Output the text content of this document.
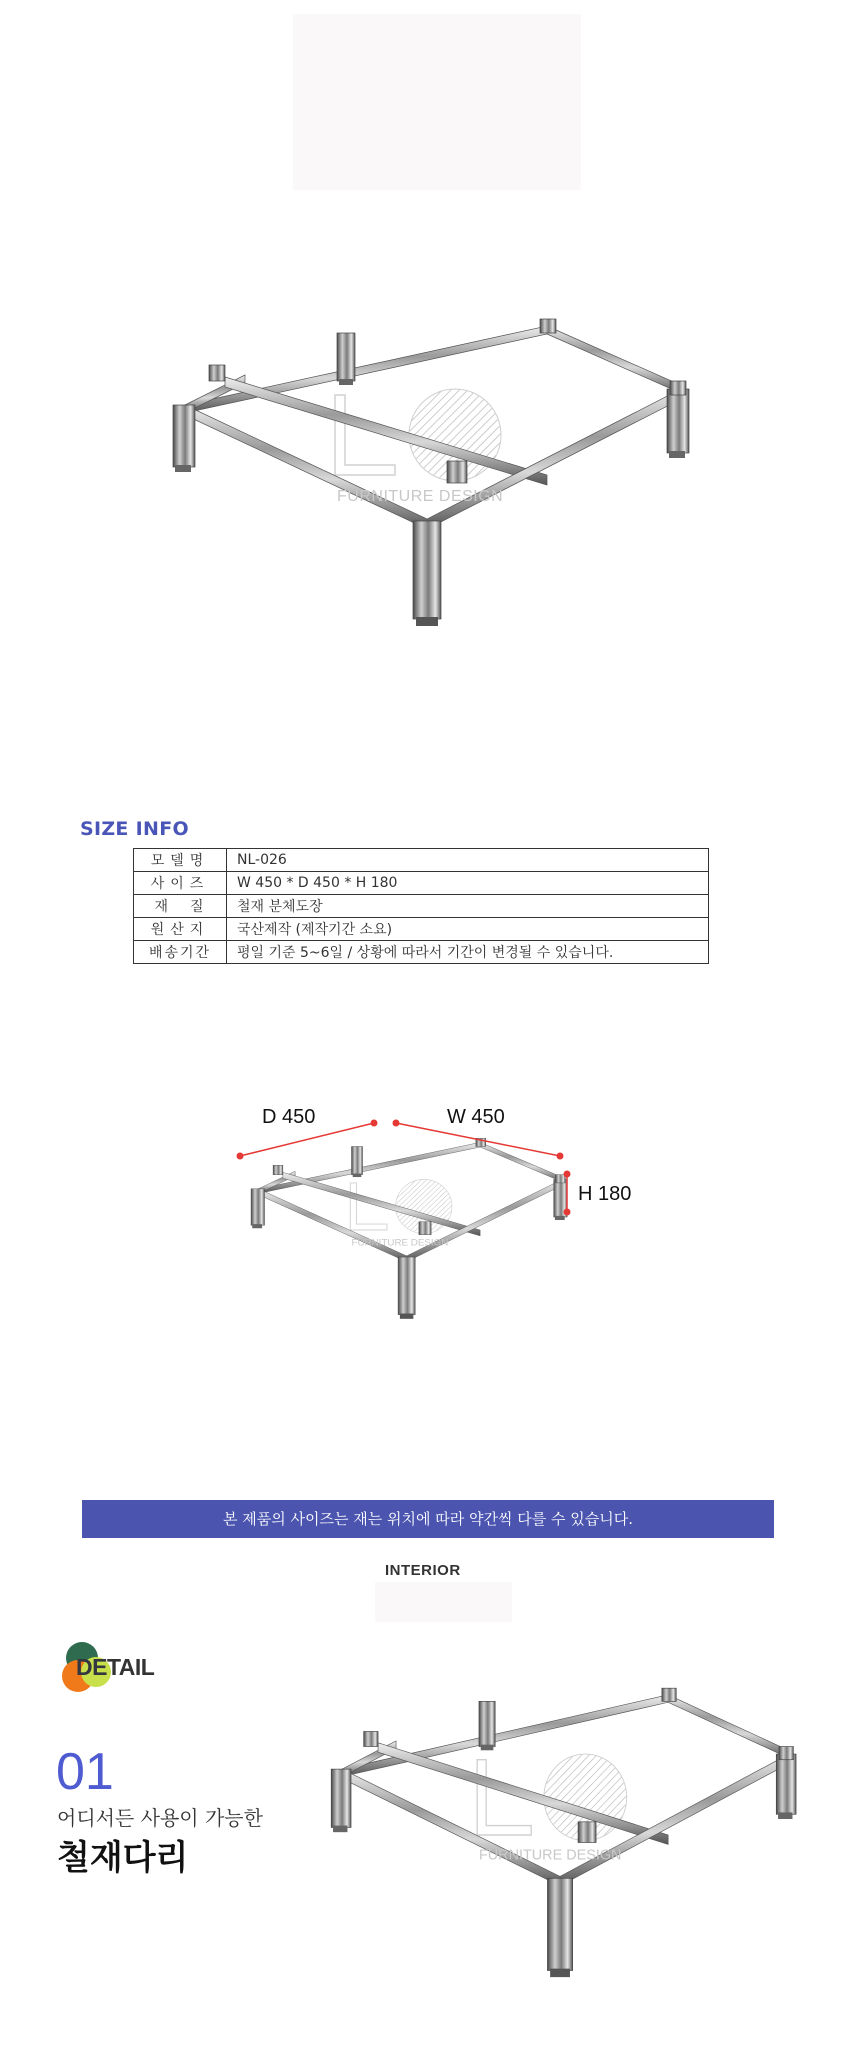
FURNITURE DESIGN
SIZE INFO
모델명	NL-026
사이즈	W 450 * D 450 * H 180
재질	철재 분체도장
원산지	국산제작 (제작기간 소요)
배송기간	평일 기준 5~6일 / 상황에 따라서 기간이 변경될 수 있습니다.
FURNITURE DESIGN
D 450	W 450
H 180
본 제품의 사이즈는 재는 위치에 따라 약간씩 다를 수 있습니다.
INTERIOR
DETAIL
01
어디서든 사용이 가능한
철재다리	FURNITURE DESIGN
